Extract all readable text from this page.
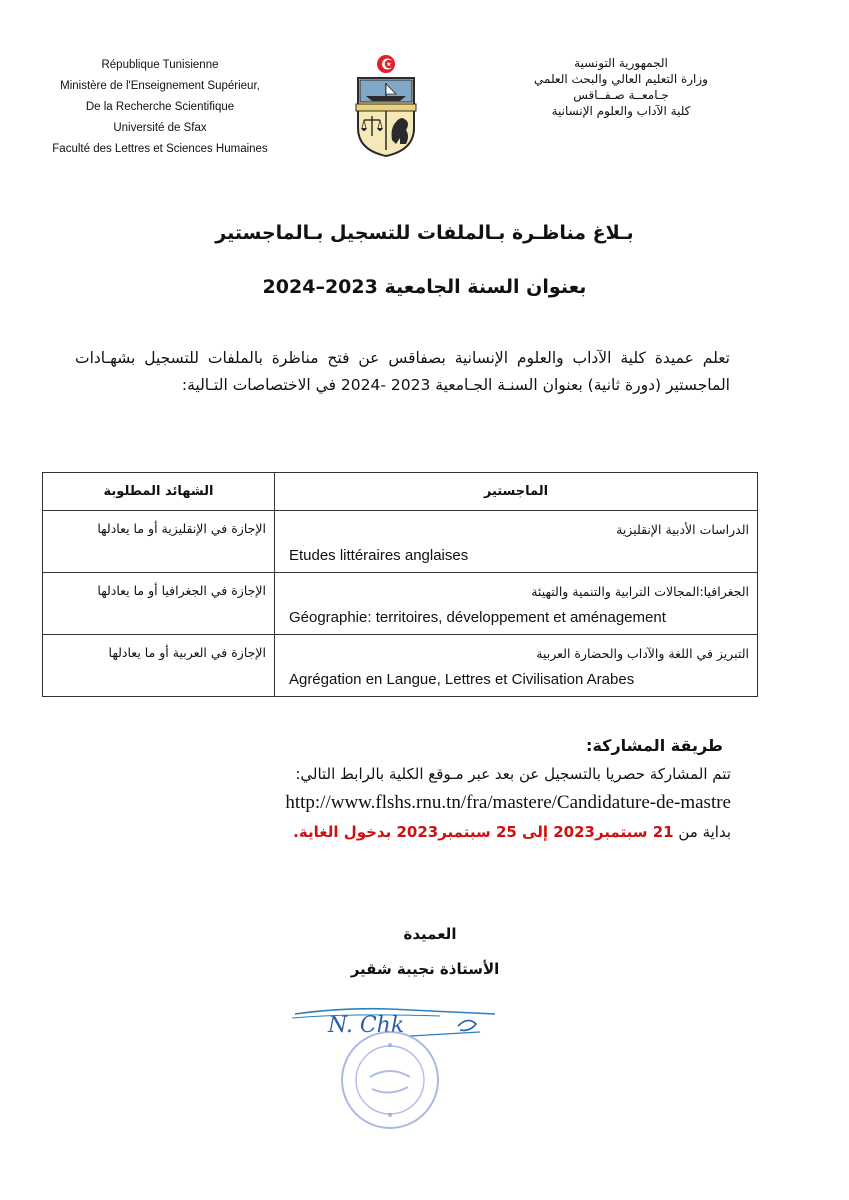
République Tunisienne
Ministère de l'Enseignement Supérieur,
De la Recherche Scientifique
Université de Sfax
Faculté des Lettres et Sciences Humaines
الجمهورية التونسية
وزارة التعليم العالي والبحث العلمي
جـامعــة صـفــاقس
كلية الآداب والعلوم الإنسانية
بـلاغ مناظـرة بـالملفات للتسجيل بـالماجستير
بعنوان السنة الجامعية 2023–2024
تعلم عميدة كلية الآداب والعلوم الإنسانية بصفاقس عن فتح مناظرة بالملفات للتسجيل بشهـادات الماجستير (دورة ثانية) بعنوان السنـة الجـامعية 2023 -2024 في الاختصاصات التـالية:
الماجستير	الشهائد المطلوبة

الدراسات الأدبية الإنقليزية
Etudes littéraires anglaises	الإجازة في الإنقليزية أو ما يعادلها

الجغرافيا:المجالات الترابية والتنمية والتهيئة
Géographie: territoires, développement et aménagement	الإجازة في الجغرافيا أو ما يعادلها

التبريز في اللغة والآداب والحضارة العربية
Agrégation en Langue, Lettres et Civilisation Arabes	الإجازة في العربية أو ما يعادلها
طريقة المشاركة:
تتم المشاركة حصريا بالتسجيل عن بعد عبر مـوقع الكلية بالرابط التالي:
http://www.flshs.rnu.tn/fra/mastere/Candidature-de-mastre
بداية من 21 سبتمبر2023 إلى 25 سبتمبر2023 بدخول الغاية.
العميدة
الأستاذة نجيبة شقير
N. Chk
